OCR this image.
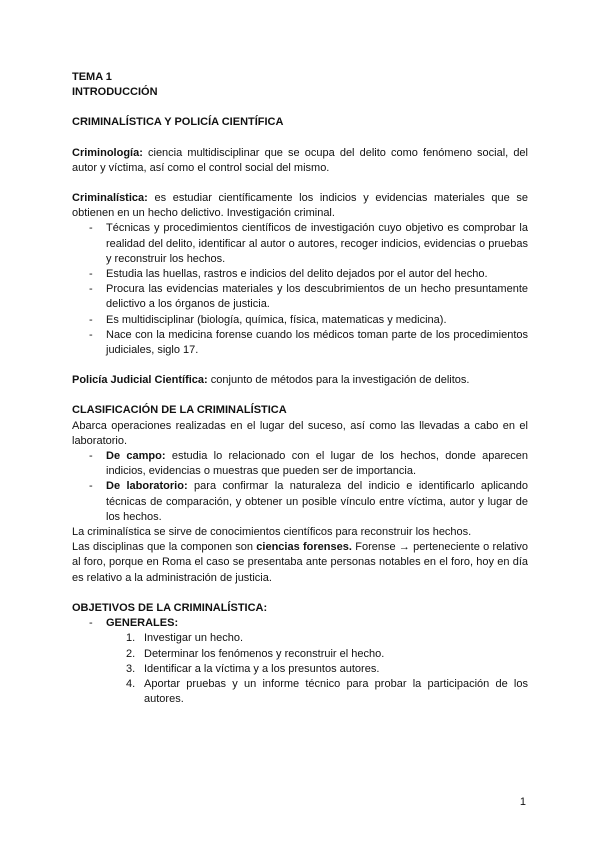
TEMA 1

INTRODUCCIÓN

CRIMINALÍSTICA Y POLICÍA CIENTÍFICA

Criminología: ciencia multidisciplinar que se ocupa del delito como fenómeno social, del autor y víctima, así como el control social del mismo.

Criminalística: es estudiar científicamente los indicios y evidencias materiales que se obtienen en un hecho delictivo. Investigación criminal.

- Técnicas y procedimientos científicos de investigación cuyo objetivo es comprobar la realidad del delito, identificar al autor o autores, recoger indicios, evidencias o pruebas y reconstruir los hechos.
- Estudia las huellas, rastros e indicios del delito dejados por el autor del hecho.
- Procura las evidencias materiales y los descubrimientos de un hecho presuntamente delictivo a los órganos de justicia.
- Es multidisciplinar (biología, química, física, matematicas y medicina).
- Nace con la medicina forense cuando los médicos toman parte de los procedimientos judiciales, siglo 17.

Policía Judicial Científica: conjunto de métodos para la investigación de delitos.

CLASIFICACIÓN DE LA CRIMINALÍSTICA

Abarca operaciones realizadas en el lugar del suceso, así como las llevadas a cabo en el laboratorio.

- De campo: estudia lo relacionado con el lugar de los hechos, donde aparecen indicios, evidencias o muestras que pueden ser de importancia.
- De laboratorio: para confirmar la naturaleza del indicio e identificarlo aplicando técnicas de comparación, y obtener un posible vínculo entre víctima, autor y lugar de los hechos.

La criminalística se sirve de conocimientos científicos para reconstruir los hechos.

Las disciplinas que la componen son ciencias forenses. Forense → perteneciente o relativo al foro, porque en Roma el caso se presentaba ante personas notables en el foro, hoy en día es relativo a la administración de justicia.

OBJETIVOS DE LA CRIMINALÍSTICA:

- GENERALES:
1. Investigar un hecho.
2. Determinar los fenómenos y reconstruir el hecho.
3. Identificar a la víctima y a los presuntos autores.
4. Aportar pruebas y un informe técnico para probar la participación de los autores.
1
